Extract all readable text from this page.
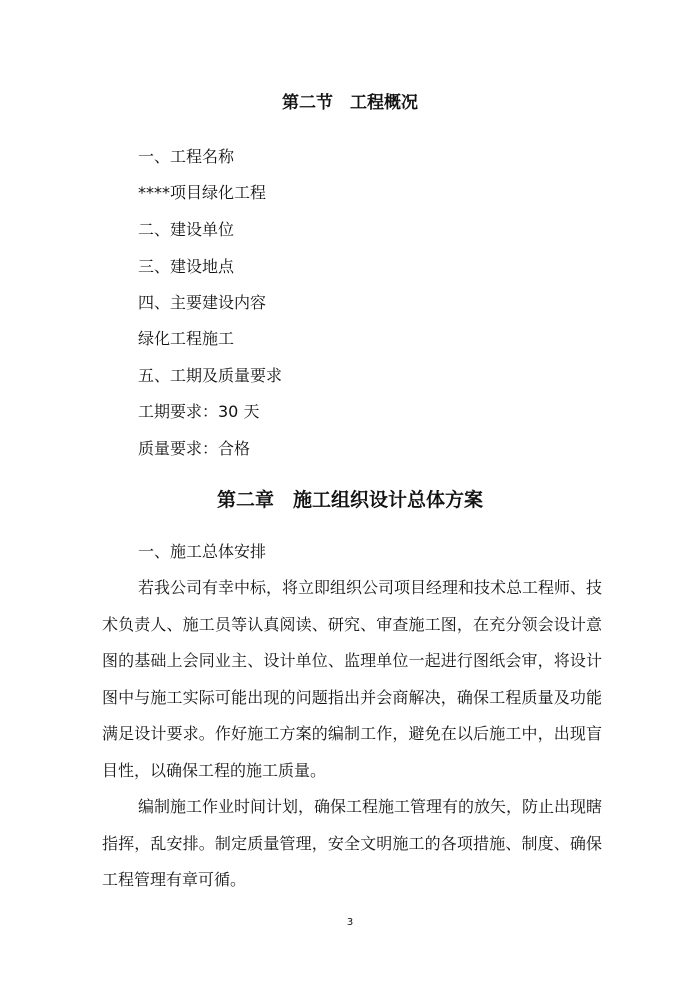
第二节　工程概况
一、工程名称
****项目绿化工程
二、建设单位
三、建设地点
四、主要建设内容
绿化工程施工
五、工期及质量要求
工期要求：30 天
质量要求：合格
第二章　施工组织设计总体方案
一、施工总体安排

若我公司有幸中标，将立即组织公司项目经理和技术总工程师、技术负责人、施工员等认真阅读、研究、审查施工图，在充分领会设计意图的基础上会同业主、设计单位、监理单位一起进行图纸会审，将设计图中与施工实际可能出现的问题指出并会商解决，确保工程质量及功能满足设计要求。作好施工方案的编制工作，避免在以后施工中，出现盲目性，以确保工程的施工质量。

编制施工作业时间计划，确保工程施工管理有的放矢，防止出现瞎指挥，乱安排。制定质量管理，安全文明施工的各项措施、制度、确保工程管理有章可循。

3
